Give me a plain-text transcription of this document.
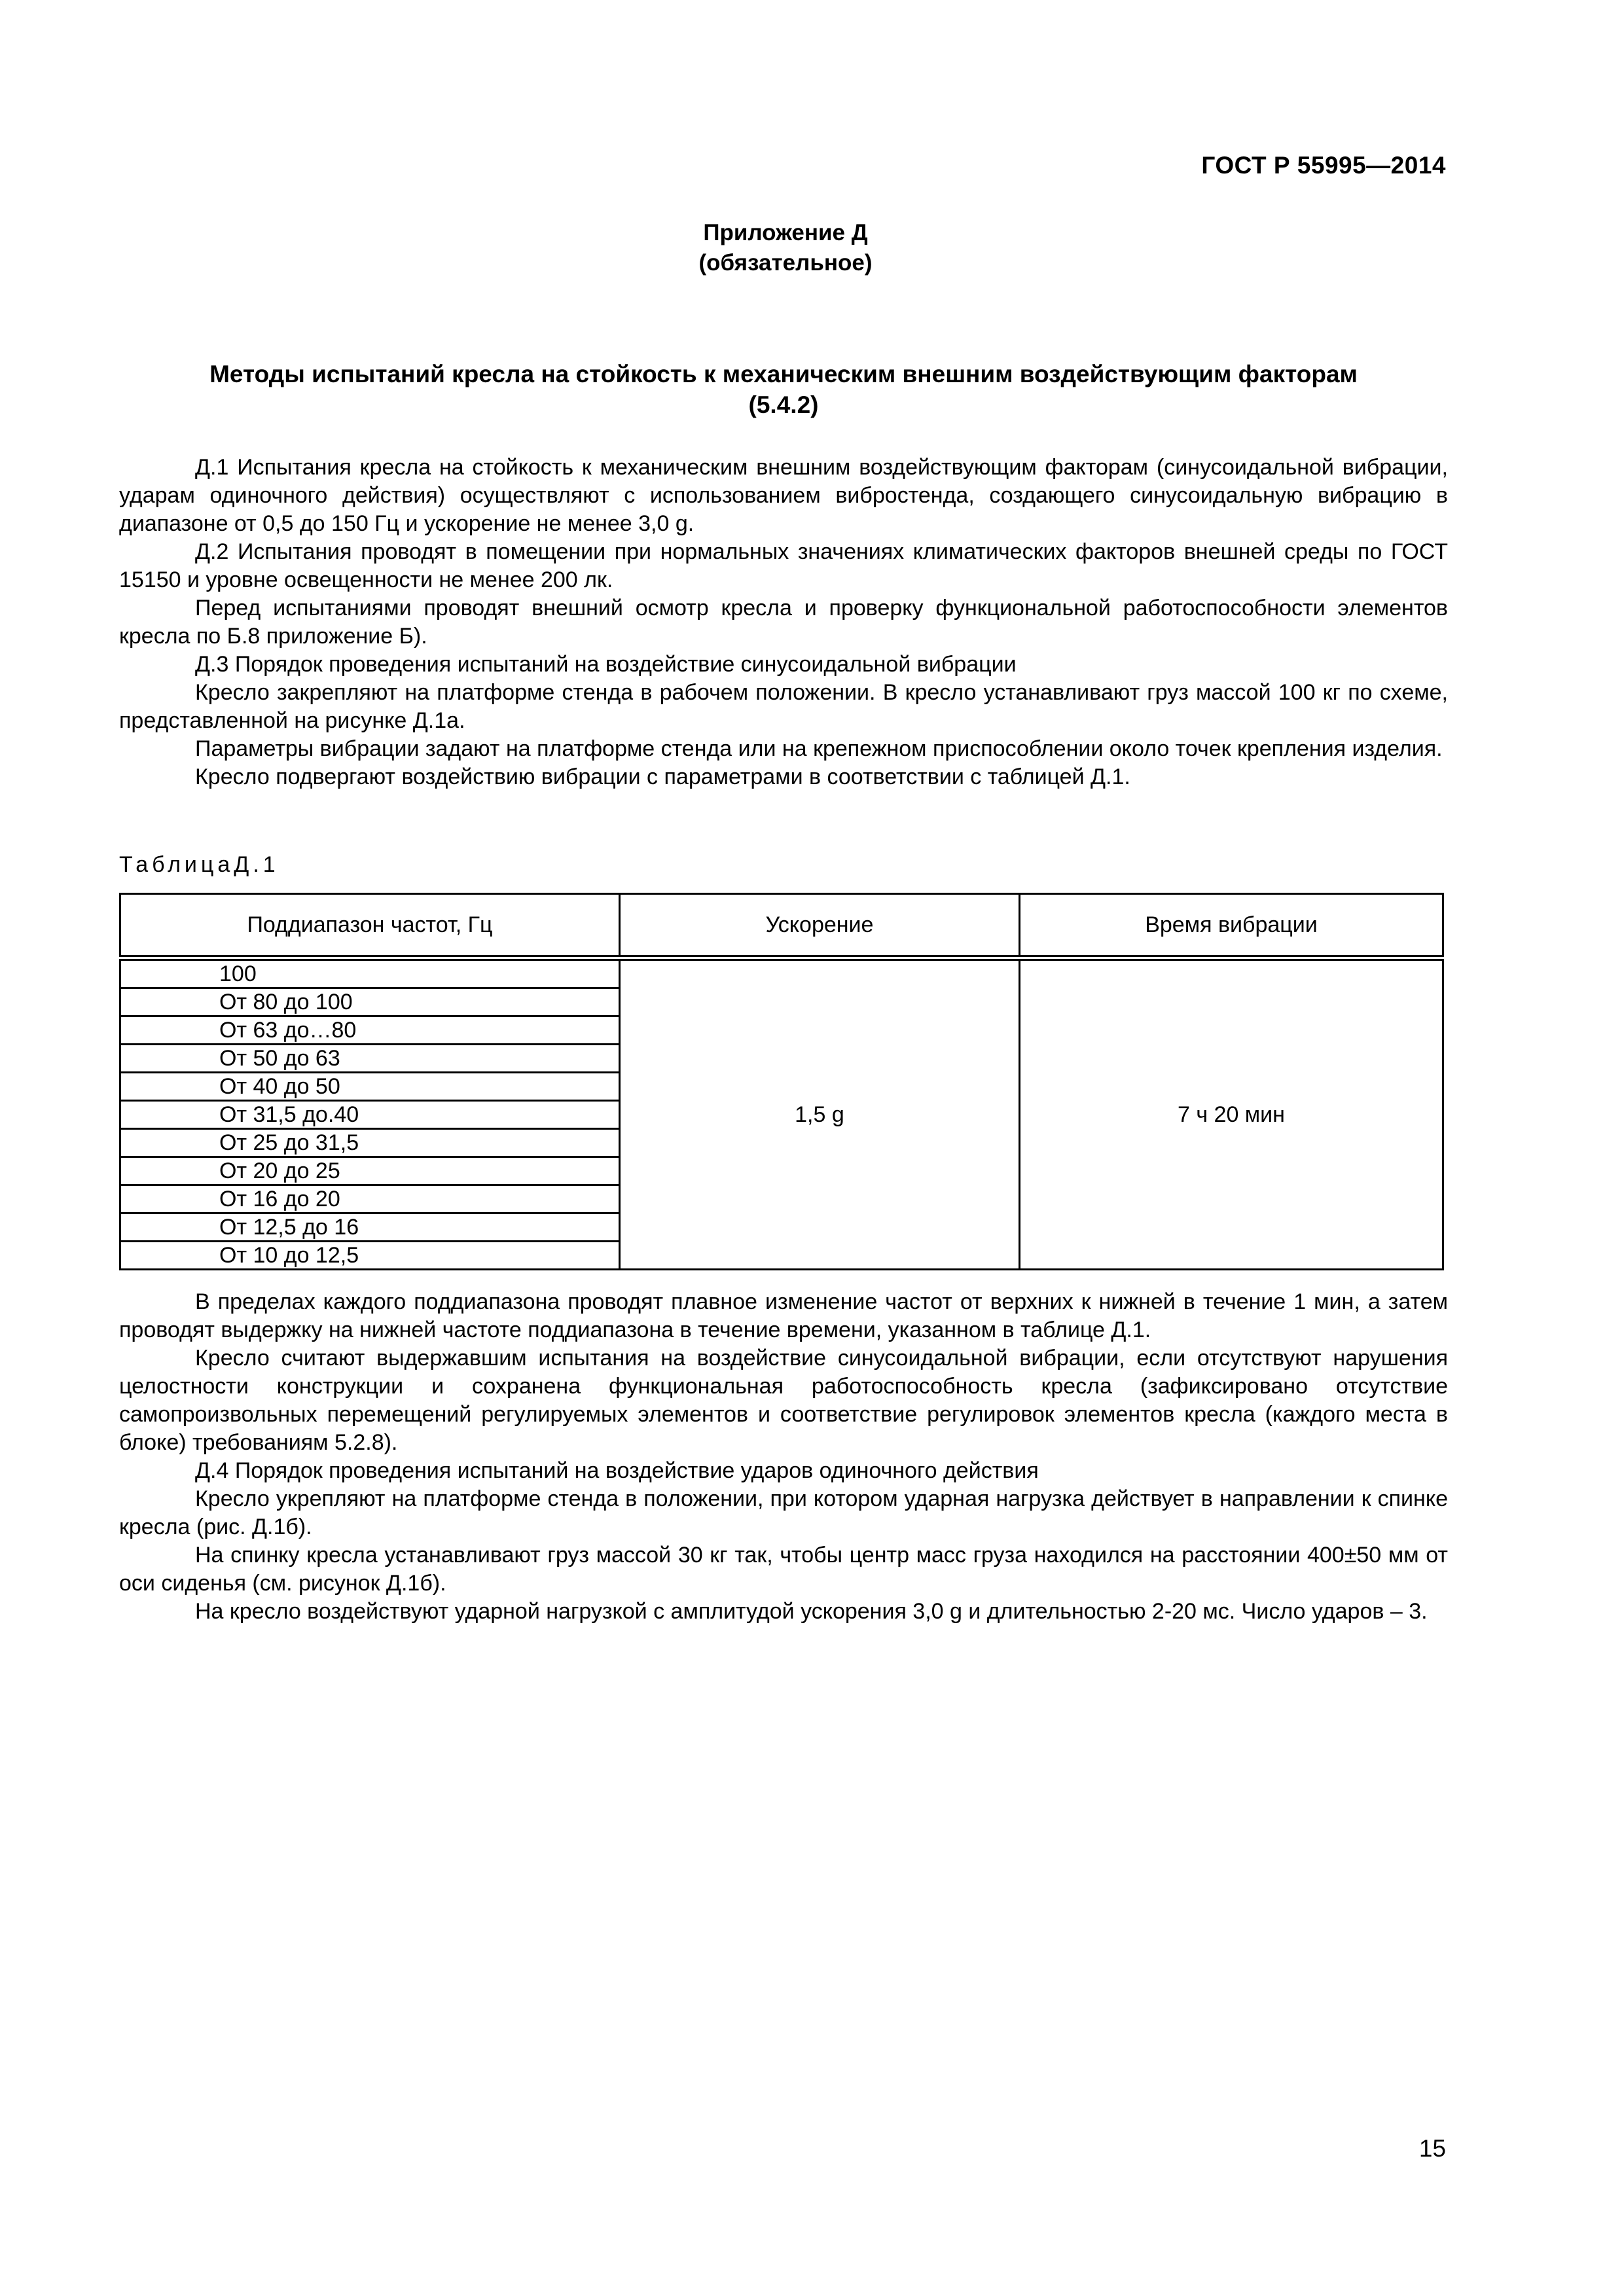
ГОСТ Р 55995—2014
Приложение Д
(обязательное)
Методы испытаний кресла на стойкость к механическим внешним воздействующим факторам
(5.4.2)

Д.1 Испытания кресла на стойкость к механическим внешним воздействующим факторам (синусоидальной вибрации, ударам одиночного действия) осуществляют с использованием вибростенда, создающего синусоидальную вибрацию в диапазоне от 0,5 до 150 Гц и ускорение не менее 3,0 g.

Д.2 Испытания проводят в помещении при нормальных значениях климатических факторов внешней среды по ГОСТ 15150 и уровне освещенности не менее 200 лк.

Перед испытаниями проводят внешний осмотр кресла и проверку функциональной работоспособности элементов кресла по Б.8 приложение Б).

Д.3 Порядок проведения испытаний на воздействие синусоидальной вибрации

Кресло закрепляют на платформе стенда в рабочем положении. В кресло устанавливают груз массой 100 кг по схеме, представленной на рисунке Д.1а.

Параметры вибрации задают на платформе стенда или на крепежном приспособлении около точек крепления изделия.

Кресло подвергают воздействию вибрации с параметрами в соответствии с таблицей Д.1.

ТаблицаД.1
Поддиапазон частот, Гц	Ускорение	Время вибрации
100	1,5 g	7 ч 20 мин
От 80 до 100		
От 63 до…80		
От 50 до 63		
От 40 до 50		
От 31,5 до.40		
От 25 до 31,5		
От 20 до 25		
От 16 до 20		
От 12,5 до 16		
От 10 до 12,5		

В пределах каждого поддиапазона проводят плавное изменение частот от верхних к нижней в течение 1 мин, а затем проводят выдержку на нижней частоте поддиапазона в течение времени, указанном в таблице Д.1.

Кресло считают выдержавшим испытания на воздействие синусоидальной вибрации, если отсутствуют нарушения целостности конструкции и сохранена функциональная работоспособность кресла (зафиксировано отсутствие самопроизвольных перемещений регулируемых элементов и соответствие регулировок элементов кресла (каждого места в блоке) требованиям 5.2.8).

Д.4 Порядок проведения испытаний на воздействие ударов одиночного действия

Кресло укрепляют на платформе стенда в положении, при котором ударная нагрузка действует в направлении к спинке кресла (рис. Д.1б).

На спинку кресла устанавливают груз массой 30 кг так, чтобы центр масс груза находился на расстоянии 400±50 мм от оси сиденья (см. рисунок Д.1б).

На кресло воздействуют ударной нагрузкой с амплитудой ускорения 3,0 g и длительностью 2-20 мс. Число ударов – 3.

15
